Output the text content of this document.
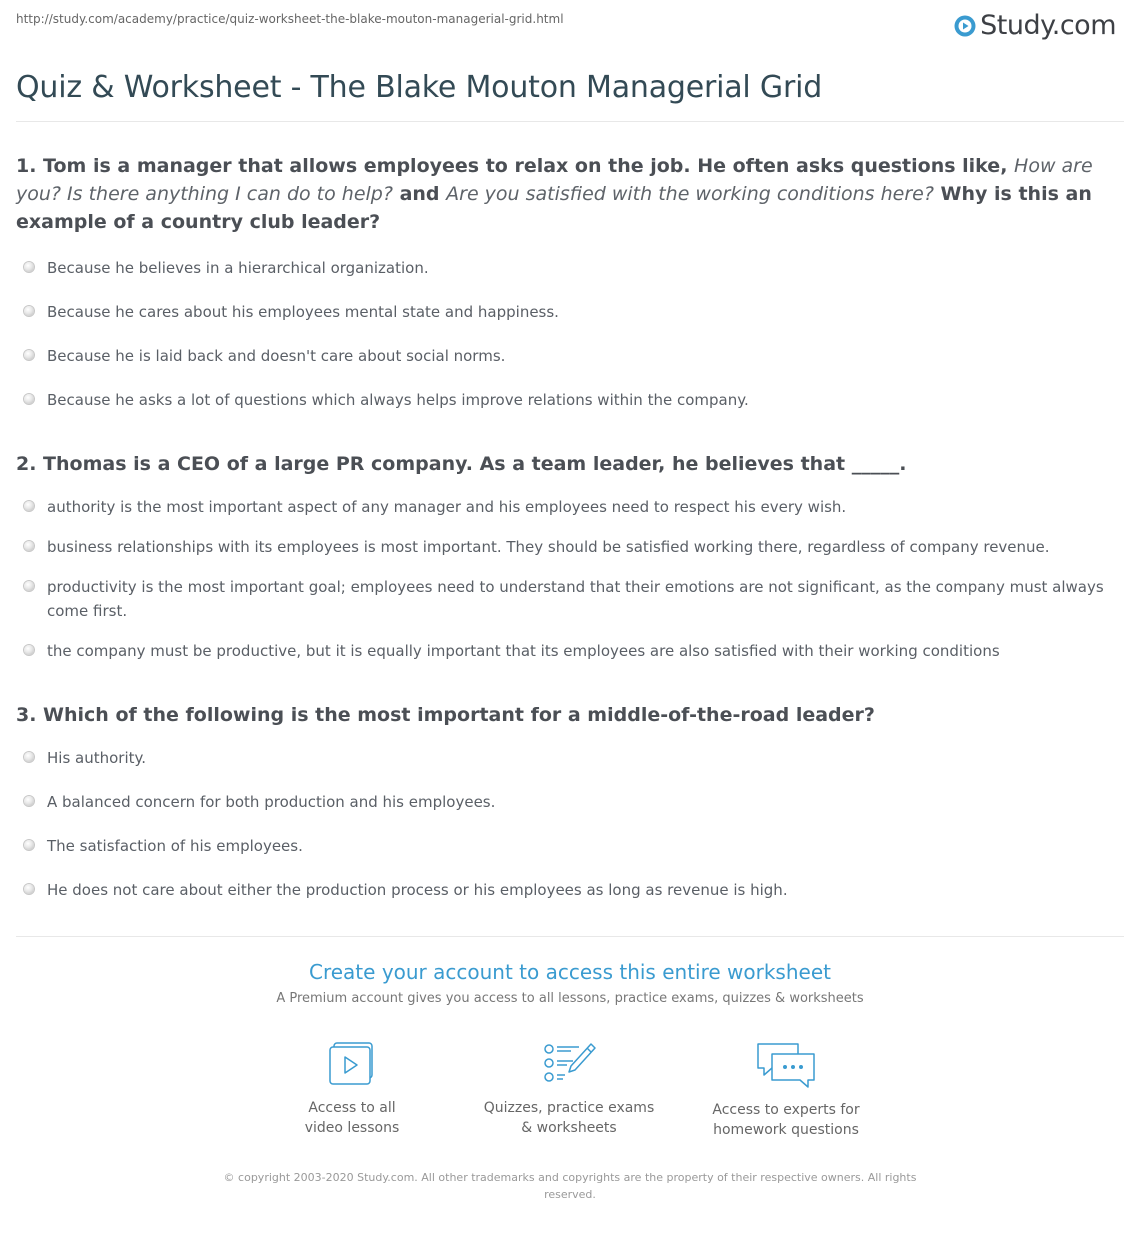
http://study.com/academy/practice/quiz-worksheet-the-blake-mouton-managerial-grid.html	Study.com
Quiz & Worksheet - The Blake Mouton Managerial Grid

1. Tom is a manager that allows employees to relax on the job. He often asks questions like, How are you? Is there anything I can do to help? and Are you satisfied with the working conditions here? Why is this an example of a country club leader?

Because he believes in a hierarchical organization.
Because he cares about his employees mental state and happiness.
Because he is laid back and doesn't care about social norms.
Because he asks a lot of questions which always helps improve relations within the company.

2. Thomas is a CEO of a large PR company. As a team leader, he believes that _____.

authority is the most important aspect of any manager and his employees need to respect his every wish.
business relationships with its employees is most important. They should be satisfied working there, regardless of company revenue.
productivity is the most important goal; employees need to understand that their emotions are not significant, as the company must always come first.
the company must be productive, but it is equally important that its employees are also satisfied with their working conditions

3. Which of the following is the most important for a middle-of-the-road leader?

His authority.
A balanced concern for both production and his employees.
The satisfaction of his employees.
He does not care about either the production process or his employees as long as revenue is high.

Create your account to access this entire worksheet

A Premium account gives you access to all lessons, practice exams, quizzes & worksheets

Access to all
video lessons
Quizzes, practice exams
& worksheets
Access to experts for
homework questions
© copyright 2003-2020 Study.com. All other trademarks and copyrights are the property of their respective owners. All rights reserved.
